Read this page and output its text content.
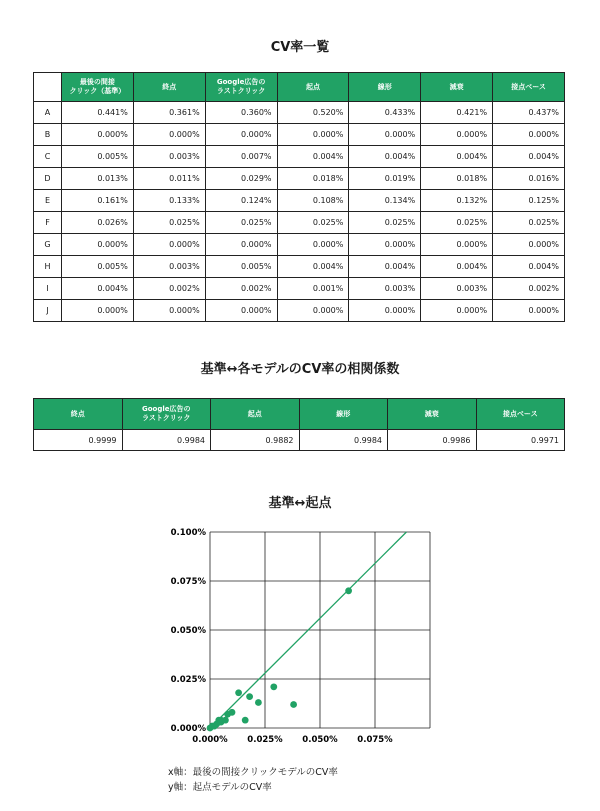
CV率一覧
	最後の間接
クリック（基準）	終点	Google広告の
ラストクリック	起点	線形	減衰	接点ベース
A	0.441%	0.361%	0.360%	0.520%	0.433%	0.421%	0.437%
B	0.000%	0.000%	0.000%	0.000%	0.000%	0.000%	0.000%
C	0.005%	0.003%	0.007%	0.004%	0.004%	0.004%	0.004%
D	0.013%	0.011%	0.029%	0.018%	0.019%	0.018%	0.016%
E	0.161%	0.133%	0.124%	0.108%	0.134%	0.132%	0.125%
F	0.026%	0.025%	0.025%	0.025%	0.025%	0.025%	0.025%
G	0.000%	0.000%	0.000%	0.000%	0.000%	0.000%	0.000%
H	0.005%	0.003%	0.005%	0.004%	0.004%	0.004%	0.004%
I	0.004%	0.002%	0.002%	0.001%	0.003%	0.003%	0.002%
J	0.000%	0.000%	0.000%	0.000%	0.000%	0.000%	0.000%
基準↔各モデルのCV率の相関係数
終点	Google広告の
ラストクリック	起点	線形	減衰	接点ベース
0.9999	0.9984	0.9882	0.9984	0.9986	0.9971
基準↔起点
0.000%
0.025%
0.050%
0.075%
0.100%
0.000% 0.025% 0.050% 0.075%
x軸：最後の間接クリックモデルのCV率
y軸：起点モデルのCV率
